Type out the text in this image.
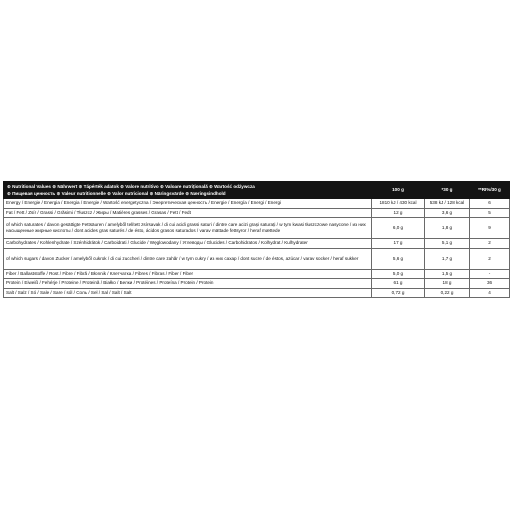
⊕ Nutritional Values ⊕ Nährwert ⊕ Tápérték adatok ⊕ Valore nutritivo ⊕ Valoare nutrițională ⊕ Wartość odżywcza
⊕ Пищевая ценность ⊕ Valeur nutritionnelle ⊕ Valor nutricional ⊕ Näringsvärde ⊕ Næringsindhold	100 g	*30 g	**RI%/30 g
Energy / Energie / Energia / Energia / Energie / Wartość energetyczna / Энергетическая ценность / Energie / Energía / Energi / Energi	1810 kJ / 430 kcal	538 kJ / 128 kcal	6
Fat / Fett / Zsír / Grassi / Grăsimi / Tłuszcz / Жиры / Matières grasses / Grasas / Fett / Fedt	12 g	3,6 g	5
of which saturates / davon gesättigte Fettsäuren / amelyből telített zsírsavak / di cui acidi grassi saturi / dintre care acizi grași saturați / w tym kwasi tłuszczowe nasycone / из них насыщенные жирные кислоты / dont acides gras saturés / de ésto, ácidos grasos saturados / varav mättade fettsyror / heraf mættede	6,0 g	1,8 g	9
Carbohydrates / Kohlenhydrate / Szénhidrátok / Carboidrati / Glucide / Węglowodany / Углеводы / Glucides / Carbohidratos / Kolhydrat / Kulhydrater	17 g	5,1 g	2
of which sugars / davon Zucker / amelyből cukrok / di cui zuccheri / dintre care zahăr / w tym cukry / из них сахар / dont sucre / de éstos, azúcar / varav socker / heraf sukker	5,6 g	1,7 g	2
Fiber / Ballaststoffe / Rost / Fibre / Fibră / Błonnik / Клетчатка / Fibres / Fibras / Fiber / Fiber	5,0 g	1,5 g	-
Protein / Eiweiß / Fehérje / Proteine / Proteină / Białko / Белки / Protéines / Proteína / Protein / Protein	61 g	18 g	36
Salt / Salz / Só / Sale / Sare / sól / Соль / Sel / Sal / Salt / Salt	0,72 g	0,22 g	4
